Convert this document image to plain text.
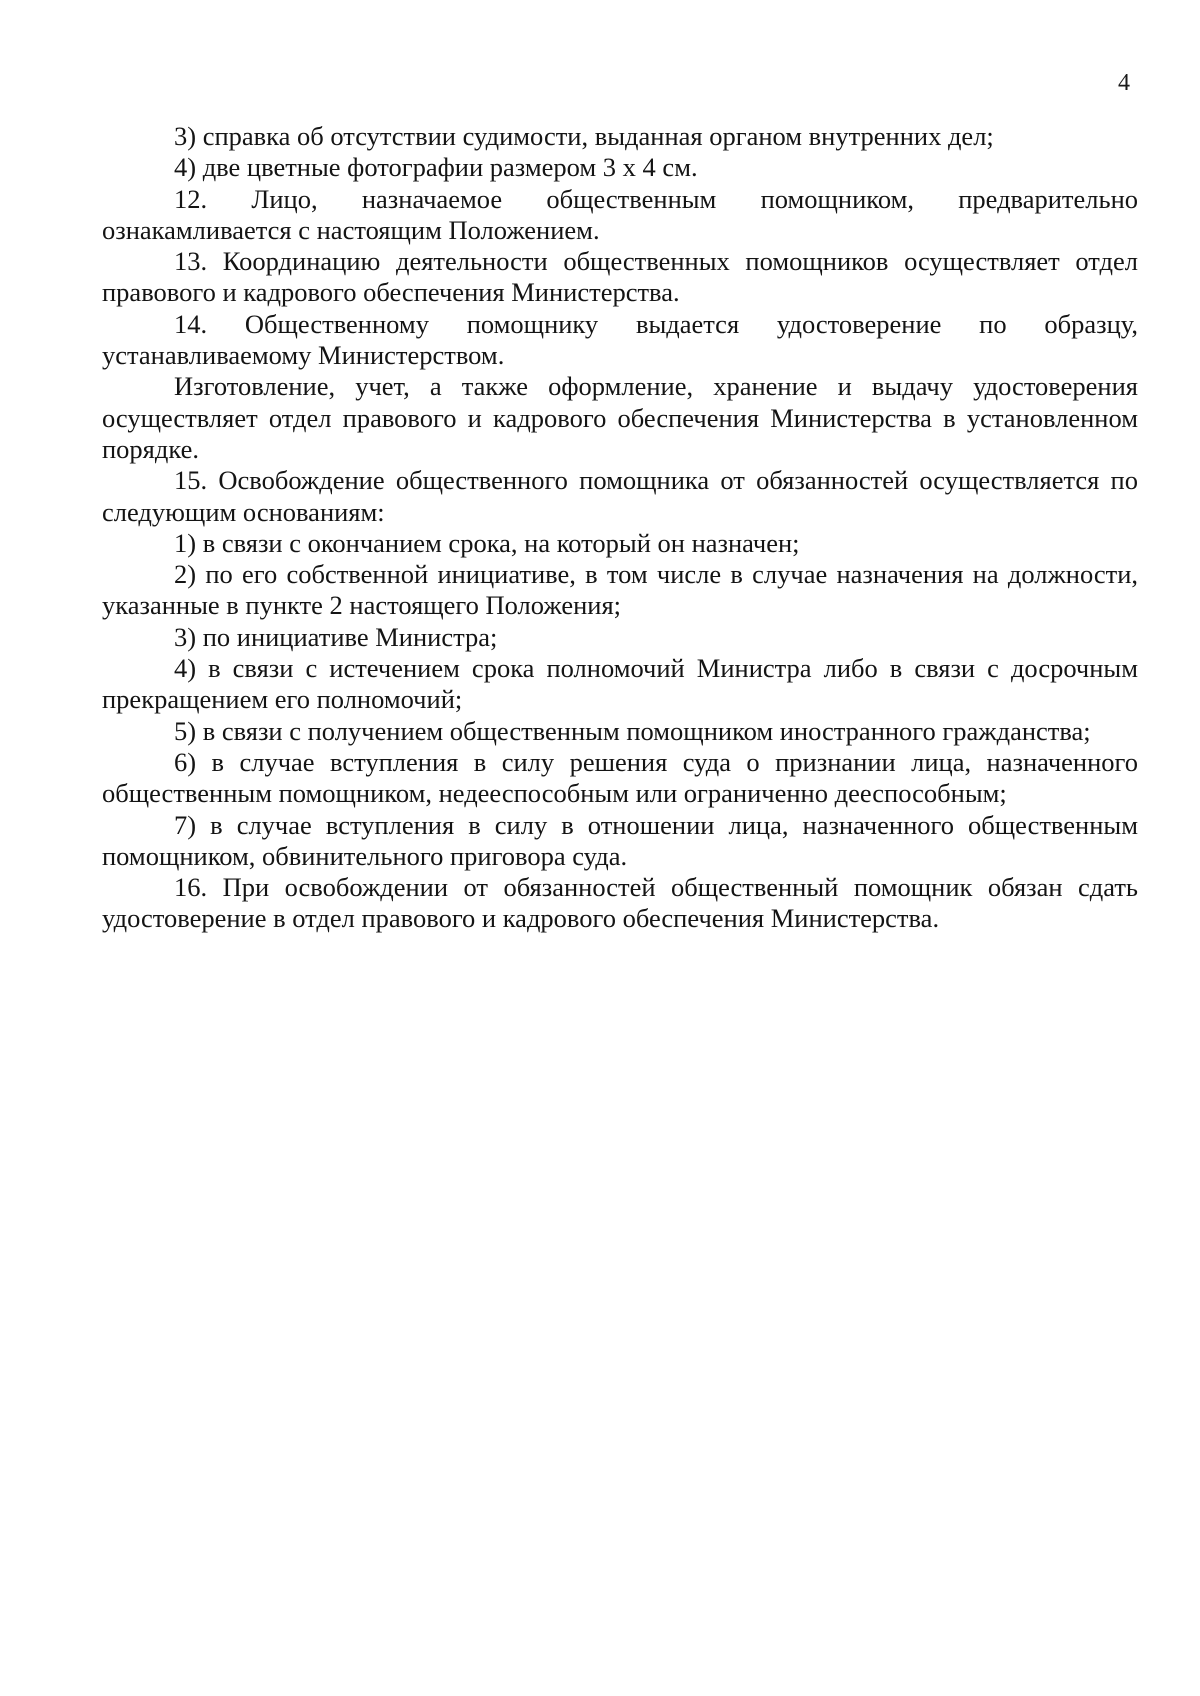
4

3) справка об отсутствии судимости, выданная органом внутренних дел;

4) две цветные фотографии размером 3 х 4 см.

12. Лицо, назначаемое общественным помощником, предварительно ознакамливается с настоящим Положением.

13. Координацию деятельности общественных помощников осуществляет отдел правового и кадрового обеспечения Министерства.

14. Общественному помощнику выдается удостоверение по образцу, устанавливаемому Министерством.

Изготовление, учет, а также оформление, хранение и выдачу удостоверения осуществляет отдел правового и кадрового обеспечения Министерства в установленном порядке.

15. Освобождение общественного помощника от обязанностей осуществляется по следующим основаниям:

1) в связи с окончанием срока, на который он назначен;

2) по его собственной инициативе, в том числе в случае назначения на должности, указанные в пункте 2 настоящего Положения;

3) по инициативе Министра;

4) в связи с истечением срока полномочий Министра либо в связи с досрочным прекращением его полномочий;

5) в связи с получением общественным помощником иностранного гражданства;

6) в случае вступления в силу решения суда о признании лица, назначенного общественным помощником, недееспособным или ограниченно дееспособным;

7) в случае вступления в силу в отношении лица, назначенного общественным помощником, обвинительного приговора суда.

16. При освобождении от обязанностей общественный помощник обязан сдать удостоверение в отдел правового и кадрового обеспечения Министерства.
